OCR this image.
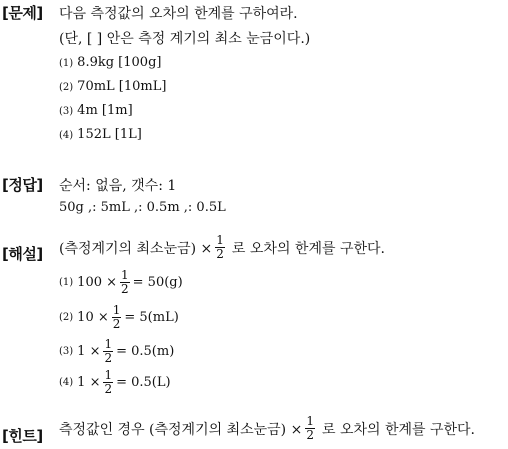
[문제] 다음 측정값의 오차의 한계를 구하여라.
(단, [ ] 안은 측정 계기의 최소 눈금이다.)
(1) 8.9kg [100g]
(2) 70mL [10mL]
(3) 4m [1m]
(4) 152L [1L]
[정답] 순서: 없음, 갯수: 1
50g ,: 5mL ,: 0.5m ,: 0.5L
[해설] (측정계기의 최소눈금) × $\frac{1}{2}$ 로 오차의 한계를 구한다.
(1) $100 \times \frac{1}{2} = 50(g)$
(2) $10 \times \frac{1}{2} = 5(mL)$
(3) $1 \times \frac{1}{2} = 0.5(m)$
(4) $1 \times \frac{1}{2} = 0.5(L)$
[힌트] 측정값인 경우 (측정계기의 최소눈금) × $\frac{1}{2}$ 로 오차의 한계를 구한다.
